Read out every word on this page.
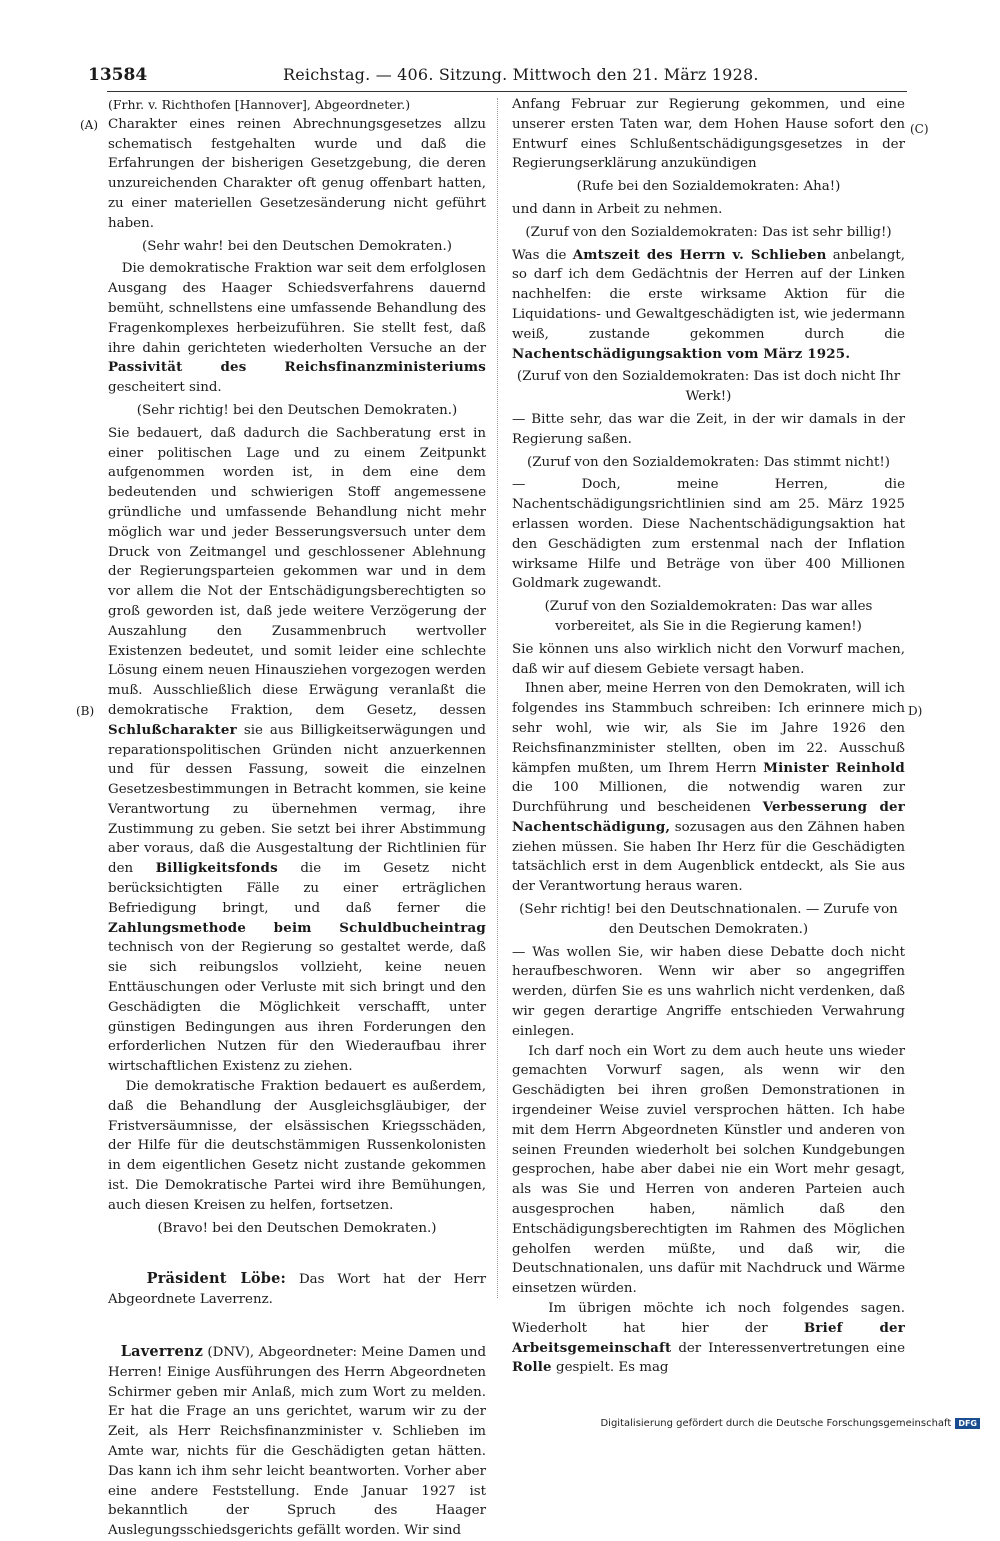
13584	Reichstag. — 406. Sitzung. Mittwoch den 21. März 1928.
(A)
(B)
(C)
D)

(Frhr. v. Richthofen [Hannover], Abgeordneter.)

Charakter eines reinen Abrechnungsgesetzes allzu schematisch festgehalten wurde und daß die Erfahrungen der bisherigen Gesetzgebung, die deren unzureichenden Charakter oft genug offenbart hatten, zu einer materiellen Gesetzesänderung nicht geführt haben.

(Sehr wahr! bei den Deutschen Demokraten.)

Die demokratische Fraktion war seit dem erfolglosen Ausgang des Haager Schiedsverfahrens dauernd bemüht, schnellstens eine umfassende Behandlung des Fragenkomplexes herbeizuführen. Sie stellt fest, daß ihre dahin gerichteten wiederholten Versuche an der Passivität des Reichsfinanzministeriums gescheitert sind.

(Sehr richtig! bei den Deutschen Demokraten.)

Sie bedauert, daß dadurch die Sachberatung erst in einer politischen Lage und zu einem Zeitpunkt aufgenommen worden ist, in dem eine dem bedeutenden und schwierigen Stoff angemessene gründliche und umfassende Behandlung nicht mehr möglich war und jeder Besserungsversuch unter dem Druck von Zeitmangel und geschlossener Ablehnung der Regierungsparteien gekommen war und in dem vor allem die Not der Entschädigungsberechtigten so groß geworden ist, daß jede weitere Verzögerung der Auszahlung den Zusammenbruch wertvoller Existenzen bedeutet, und somit leider eine schlechte Lösung einem neuen Hinausziehen vorgezogen werden muß. Ausschließlich diese Erwägung veranlaßt die demokratische Fraktion, dem Gesetz, dessen Schlußcharakter sie aus Billigkeitserwägungen und reparationspolitischen Gründen nicht anzuerkennen und für dessen Fassung, soweit die einzelnen Gesetzesbestimmungen in Betracht kommen, sie keine Verantwortung zu übernehmen vermag, ihre Zustimmung zu geben. Sie setzt bei ihrer Abstimmung aber voraus, daß die Ausgestaltung der Richtlinien für den Billigkeitsfonds die im Gesetz nicht berücksichtigten Fälle zu einer erträglichen Befriedigung bringt, und daß ferner die Zahlungsmethode beim Schuldbucheintrag technisch von der Regierung so gestaltet werde, daß sie sich reibungslos vollzieht, keine neuen Enttäuschungen oder Verluste mit sich bringt und den Geschädigten die Möglichkeit verschafft, unter günstigen Bedingungen aus ihren Forderungen den erforderlichen Nutzen für den Wiederaufbau ihrer wirtschaftlichen Existenz zu ziehen.

Die demokratische Fraktion bedauert es außerdem, daß die Behandlung der Ausgleichsgläubiger, der Fristversäumnisse, der elsässischen Kriegsschäden, der Hilfe für die deutschstämmigen Russenkolonisten in dem eigentlichen Gesetz nicht zustande gekommen ist. Die Demokratische Partei wird ihre Bemühungen, auch diesen Kreisen zu helfen, fortsetzen.

(Bravo! bei den Deutschen Demokraten.)

Präsident Löbe: Das Wort hat der Herr Abgeordnete Laverrenz.

Laverrenz (DNV), Abgeordneter: Meine Damen und Herren! Einige Ausführungen des Herrn Abgeordneten Schirmer geben mir Anlaß, mich zum Wort zu melden. Er hat die Frage an uns gerichtet, warum wir zu der Zeit, als Herr Reichsfinanzminister v. Schlieben im Amte war, nichts für die Geschädigten getan hätten. Das kann ich ihm sehr leicht beantworten. Vorher aber eine andere Feststellung. Ende Januar 1927 ist bekanntlich der Spruch des Haager Auslegungsschiedsgerichts gefällt worden. Wir sind

Anfang Februar zur Regierung gekommen, und eine unserer ersten Taten war, dem Hohen Hause sofort den Entwurf eines Schlußentschädigungsgesetzes in der Regierungserklärung anzukündigen

(Rufe bei den Sozialdemokraten: Aha!)

und dann in Arbeit zu nehmen.

(Zuruf von den Sozialdemokraten: Das ist sehr billig!)

Was die Amtszeit des Herrn v. Schlieben anbelangt, so darf ich dem Gedächtnis der Herren auf der Linken nachhelfen: die erste wirksame Aktion für die Liquidations- und Gewaltgeschädigten ist, wie jedermann weiß, zustande gekommen durch die Nachentschädigungsaktion vom März 1925.

(Zuruf von den Sozialdemokraten: Das ist doch nicht Ihr Werk!)

— Bitte sehr, das war die Zeit, in der wir damals in der Regierung saßen.

(Zuruf von den Sozialdemokraten: Das stimmt nicht!)

— Doch, meine Herren, die Nachentschädigungsrichtlinien sind am 25. März 1925 erlassen worden. Diese Nachentschädigungsaktion hat den Geschädigten zum erstenmal nach der Inflation wirksame Hilfe und Beträge von über 400 Millionen Goldmark zugewandt.

(Zuruf von den Sozialdemokraten: Das war alles vorbereitet, als Sie in die Regierung kamen!)

Sie können uns also wirklich nicht den Vorwurf machen, daß wir auf diesem Gebiete versagt haben.

Ihnen aber, meine Herren von den Demokraten, will ich folgendes ins Stammbuch schreiben: Ich erinnere mich sehr wohl, wie wir, als Sie im Jahre 1926 den Reichsfinanzminister stellten, oben im 22. Ausschuß kämpfen mußten, um Ihrem Herrn Minister Reinhold die 100 Millionen, die notwendig waren zur Durchführung und bescheidenen Verbesserung der Nachentschädigung, sozusagen aus den Zähnen haben ziehen müssen. Sie haben Ihr Herz für die Geschädigten tatsächlich erst in dem Augenblick entdeckt, als Sie aus der Verantwortung heraus waren.

(Sehr richtig! bei den Deutschnationalen. — Zurufe von den Deutschen Demokraten.)

— Was wollen Sie, wir haben diese Debatte doch nicht heraufbeschworen. Wenn wir aber so angegriffen werden, dürfen Sie es uns wahrlich nicht verdenken, daß wir gegen derartige Angriffe entschieden Verwahrung einlegen.

Ich darf noch ein Wort zu dem auch heute uns wieder gemachten Vorwurf sagen, als wenn wir den Geschädigten bei ihren großen Demonstrationen in irgendeiner Weise zuviel versprochen hätten. Ich habe mit dem Herrn Abgeordneten Künstler und anderen von seinen Freunden wiederholt bei solchen Kundgebungen gesprochen, habe aber dabei nie ein Wort mehr gesagt, als was Sie und Herren von anderen Parteien auch ausgesprochen haben, nämlich daß den Entschädigungsberechtigten im Rahmen des Möglichen geholfen werden müßte, und daß wir, die Deutschnationalen, uns dafür mit Nachdruck und Wärme einsetzen würden.

Im übrigen möchte ich noch folgendes sagen. Wiederholt hat hier der Brief der Arbeitsgemeinschaft der Interessenvertretungen eine Rolle gespielt. Es mag

Digitalisierung gefördert durch die Deutsche Forschungsgemeinschaft DFG
